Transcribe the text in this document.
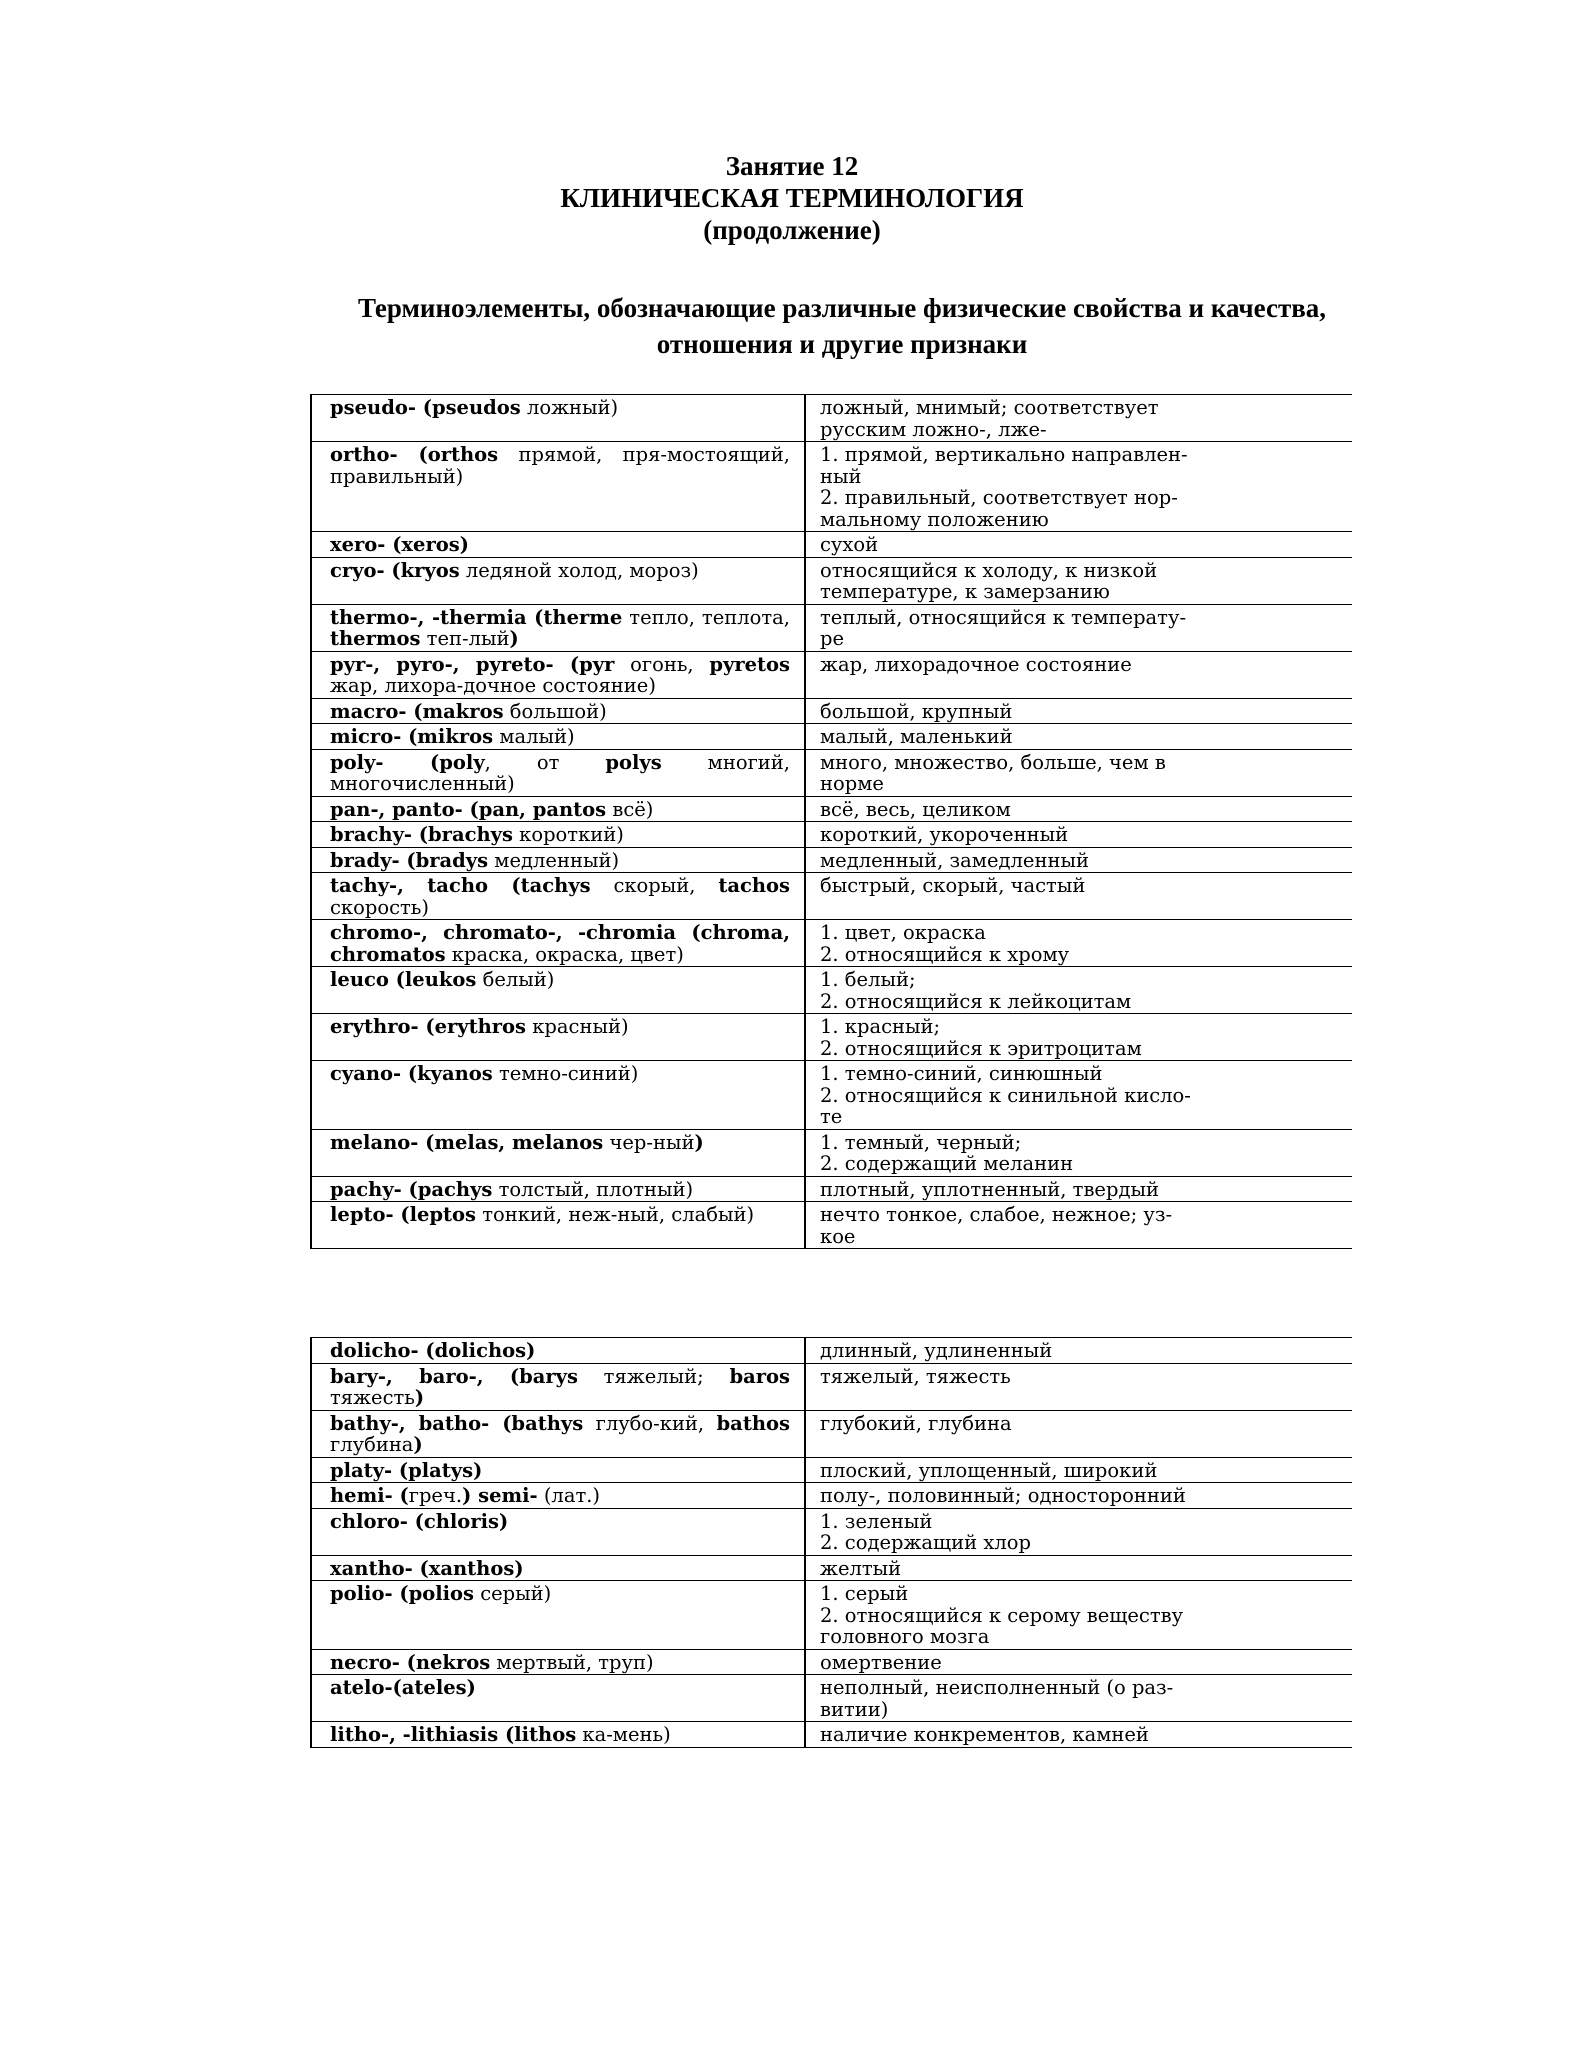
Занятие 12
КЛИНИЧЕСКАЯ ТЕРМИНОЛОГИЯ
(продолжение)
Терминоэлементы, обозначающие различные физические свойства и качества,
отношения и другие признаки
pseudo- (pseudos ложный)	ложный, мнимый; соответствует
русским ложно-, лже-

ortho- (orthos прямой, пря-мостоящий, правильный)	1. прямой, вертикально направлен-
ный
2. правильный, соответствует нор-
мальному положению

xero- (xeros)	сухой

cryo- (kryos ледяной холод, мороз)	относящийся к холоду, к низкой
температуре, к замерзанию

thermo-, -thermia (therme тепло, теплота, thermos теп-лый)	теплый, относящийся к температу-
ре

pyr-, pyro-, pyreto- (pyr огонь, pyretos жар, лихора-дочное состояние)	жар, лихорадочное состояние

macro- (makros большой)	большой, крупный

micro- (mikros малый)	малый, маленький

poly- (poly, от polys многий, многочисленный)	много, множество, больше, чем в
норме

pan-, panto- (pan, pantos всё)	всё, весь, целиком

brachy- (brachys короткий)	короткий, укороченный

brady- (bradys медленный)	медленный, замедленный

tachy-, tacho (tachys скорый, tachos скорость)	быстрый, скорый, частый

chromo-, chromato-, -chromia (chroma, chromatos краска, окраска, цвет)	1. цвет, окраска
2. относящийся к хрому

leuco (leukos белый)	1. белый;
2. относящийся к лейкоцитам

erythro- (erythros красный)	1. красный;
2. относящийся к эритроцитам

cyano- (kyanos темно-синий)	1. темно-синий, синюшный
2. относящийся к синильной кисло-
те

melano- (melas, melanos чер-ный)	1. темный, черный;
2. содержащий меланин

pachy- (pachys толстый, плотный)	плотный, уплотненный, твердый

lepto- (leptos тонкий, неж-ный, слабый)	нечто тонкое, слабое, нежное; уз-
кое
dolicho- (dolichos)	длинный, удлиненный

bary-, baro-, (barys тяжелый; baros тяжесть)	тяжелый, тяжесть

bathy-, batho- (bathys глубо-кий, bathos глубина)	глубокий, глубина

platy- (platys)	плоский, уплощенный, широкий

hemi- (греч.) semi- (лат.)	полу-, половинный; односторонний

chloro- (chloris)	1. зеленый
2. содержащий хлор

xantho- (xanthos)	желтый

polio- (polios серый)	1. серый
2. относящийся к серому веществу
головного мозга

necro- (nekros мертвый, труп)	омертвение

atelo-(ateles)	неполный, неисполненный (о раз-
витии)

litho-, -lithiasis (lithos ка-мень)	наличие конкрементов, камней
